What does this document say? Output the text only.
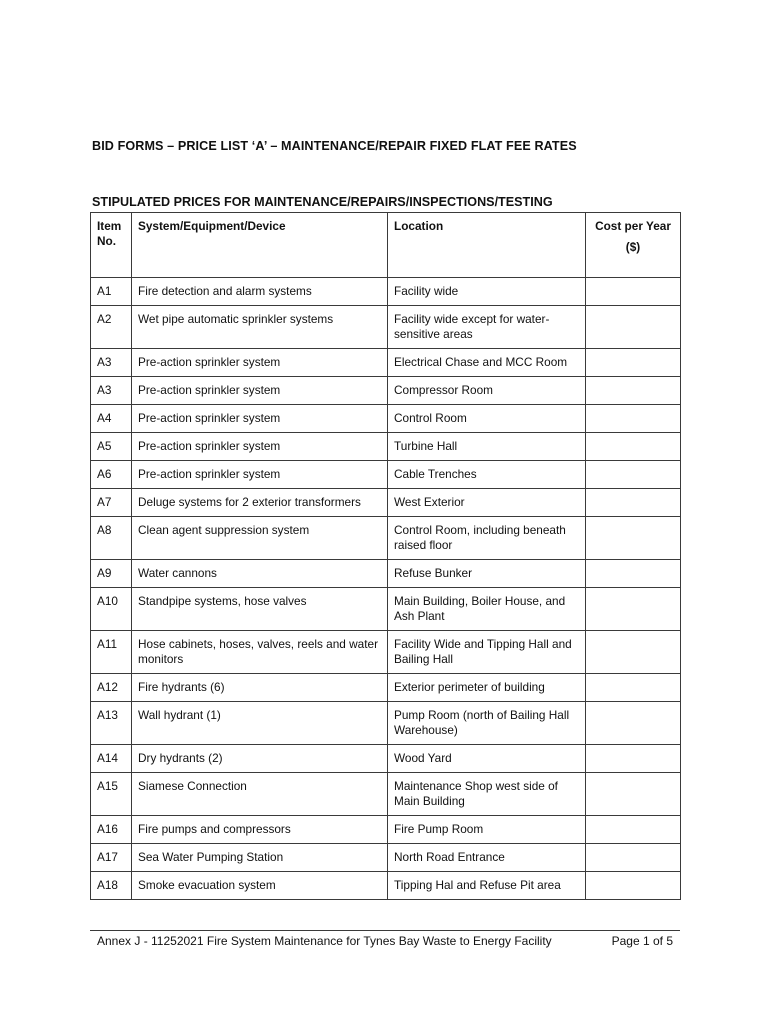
BID FORMS – PRICE LIST ‘A’ – MAINTENANCE/REPAIR FIXED FLAT FEE RATES
STIPULATED PRICES FOR MAINTENANCE/REPAIRS/INSPECTIONS/TESTING
Item No.	System/Equipment/Device	Location	Cost per Year
($)

A1	Fire detection and alarm systems	Facility wide	
A2	Wet pipe automatic sprinkler systems	Facility wide except for water-sensitive areas	
A3	Pre-action sprinkler system	Electrical Chase and MCC Room	
A3	Pre-action sprinkler system	Compressor Room	
A4	Pre-action sprinkler system	Control Room	
A5	Pre-action sprinkler system	Turbine Hall	
A6	Pre-action sprinkler system	Cable Trenches	
A7	Deluge systems for 2 exterior transformers	West Exterior	
A8	Clean agent suppression system	Control Room, including beneath raised floor	
A9	Water cannons	Refuse Bunker	
A10	Standpipe systems, hose valves	Main Building, Boiler House, and Ash Plant	
A11	Hose cabinets, hoses, valves, reels and water monitors	Facility Wide and Tipping Hall and Bailing Hall	
A12	Fire hydrants (6)	Exterior perimeter of building	
A13	Wall hydrant (1)	Pump Room (north of Bailing Hall Warehouse)	
A14	Dry hydrants (2)	Wood Yard	
A15	Siamese Connection	Maintenance Shop west side of Main Building	
A16	Fire pumps and compressors	Fire Pump Room	
A17	Sea Water Pumping Station	North Road Entrance	
A18	Smoke evacuation system	Tipping Hal and Refuse Pit area	
Annex J - 11252021 Fire System Maintenance for Tynes Bay Waste to Energy Facility	Page 1 of 5
